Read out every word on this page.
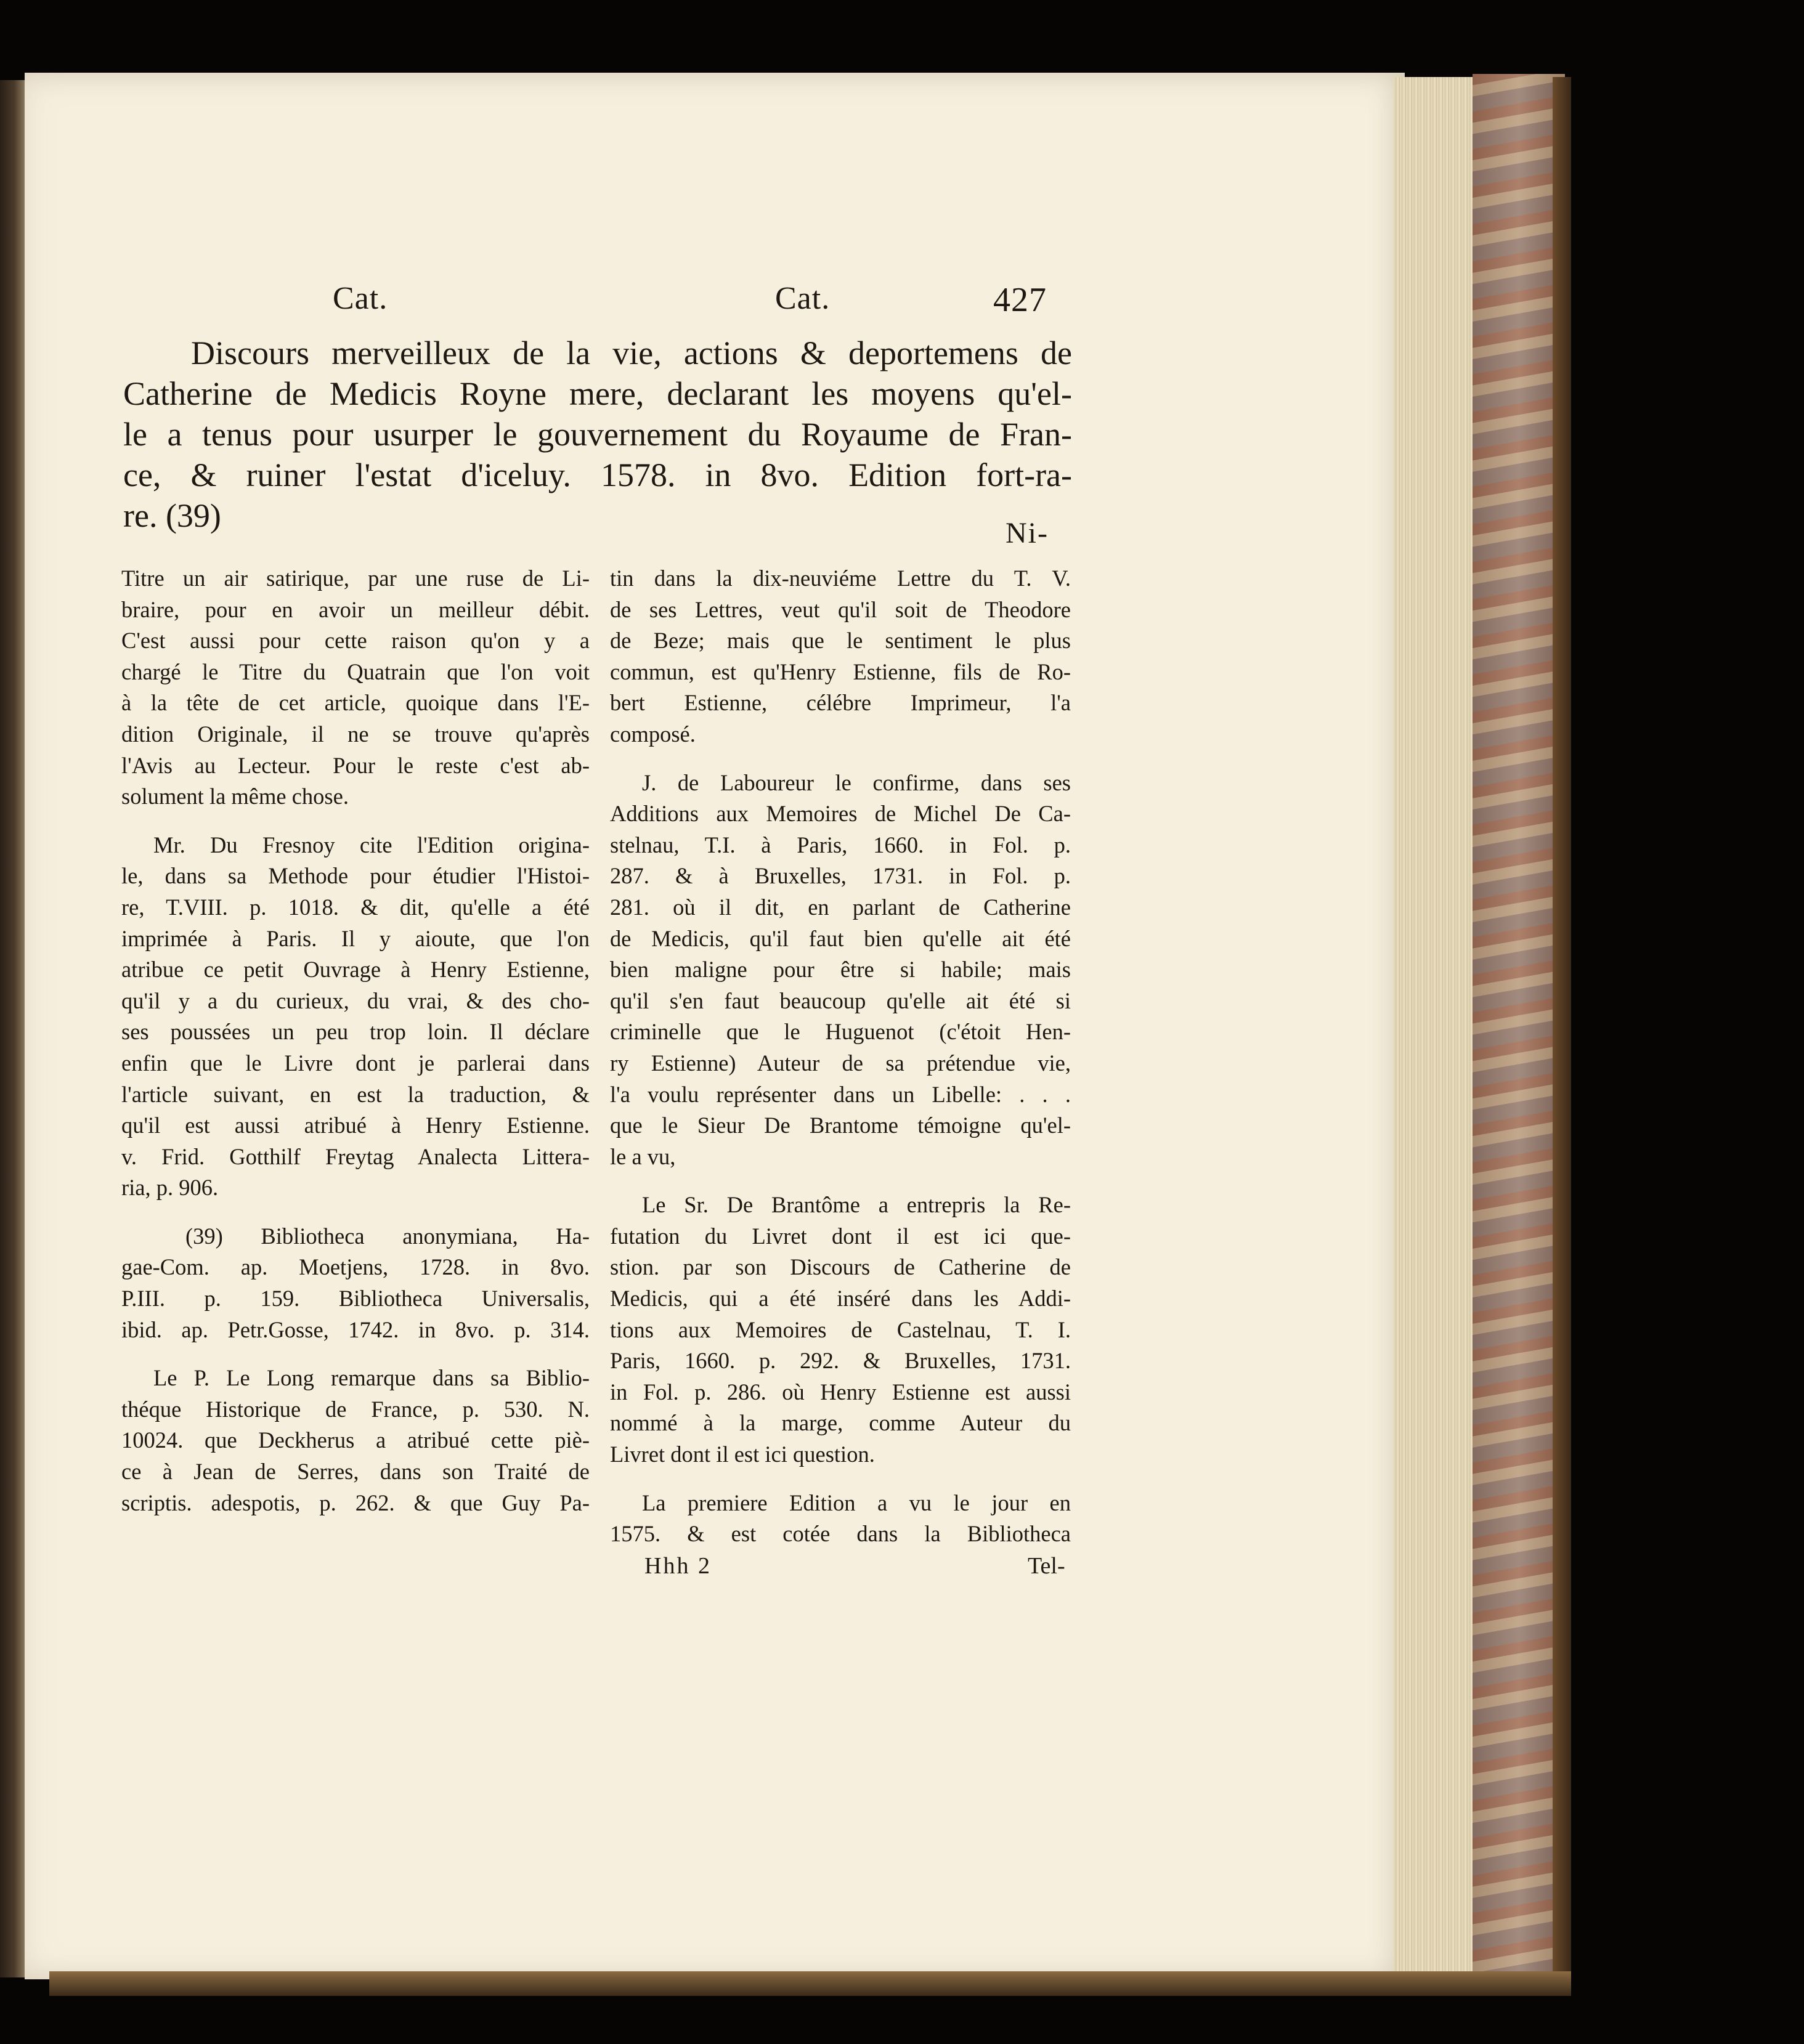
Cat.	Cat.	427
Discours merveilleux de la vie, actions & deportemens de
Catherine de Medicis Royne mere, declarant les moyens qu'el-
le a tenus pour usurper le gouvernement du Royaume de Fran-
ce, & ruiner l'estat d'iceluy. 1578. in 8vo. Edition fort-ra-
re. (39)	Ni-
Titre un air satirique, par une ruse de Li-
braire, pour en avoir un meilleur débit.
C'est aussi pour cette raison qu'on y a
chargé le Titre du Quatrain que l'on voit
à la tête de cet article, quoique dans l'E-
dition Originale, il ne se trouve qu'après
l'Avis au Lecteur. Pour le reste c'est ab-
solument la même chose.
Mr. Du Fresnoy cite l'Edition origina-
le, dans sa Methode pour étudier l'Histoi-
re, T.VIII. p. 1018. & dit, qu'elle a été
imprimée à Paris. Il y aioute, que l'on
atribue ce petit Ouvrage à Henry Estienne,
qu'il y a du curieux, du vrai, & des cho-
ses poussées un peu trop loin. Il déclare
enfin que le Livre dont je parlerai dans
l'article suivant, en est la traduction, &
qu'il est aussi atribué à Henry Estienne.
v. Frid. Gotthilf Freytag Analecta Littera-
ria, p. 906.
(39) Bibliotheca anonymiana, Ha-
gae-Com. ap. Moetjens, 1728. in 8vo.
P.III. p. 159. Bibliotheca Universalis,
ibid. ap. Petr.Gosse, 1742. in 8vo. p. 314.
Le P. Le Long remarque dans sa Biblio-
théque Historique de France, p. 530. N.
10024. que Deckherus a atribué cette piè-
ce à Jean de Serres, dans son Traité de
scriptis. adespotis, p. 262. & que Guy Pa-
tin dans la dix-neuviéme Lettre du T. V.
de ses Lettres, veut qu'il soit de Theodore
de Beze; mais que le sentiment le plus
commun, est qu'Henry Estienne, fils de Ro-
bert Estienne, célébre Imprimeur, l'a
composé.
J. de Laboureur le confirme, dans ses
Additions aux Memoires de Michel De Ca-
stelnau, T.I. à Paris, 1660. in Fol. p.
287. & à Bruxelles, 1731. in Fol. p.
281. où il dit, en parlant de Catherine
de Medicis, qu'il faut bien qu'elle ait été
bien maligne pour être si habile; mais
qu'il s'en faut beaucoup qu'elle ait été si
criminelle que le Huguenot (c'étoit Hen-
ry Estienne) Auteur de sa prétendue vie,
l'a voulu représenter dans un Libelle: . . .
que le Sieur De Brantome témoigne qu'el-
le a vu,
Le Sr. De Brantôme a entrepris la Re-
futation du Livret dont il est ici que-
stion. par son Discours de Catherine de
Medicis, qui a été inséré dans les Addi-
tions aux Memoires de Castelnau, T. I.
Paris, 1660. p. 292. & Bruxelles, 1731.
in Fol. p. 286. où Henry Estienne est aussi
nommé à la marge, comme Auteur du
Livret dont il est ici question.
La premiere Edition a vu le jour en
1575. & est cotée dans la Bibliotheca
Hhh 2	Tel-
